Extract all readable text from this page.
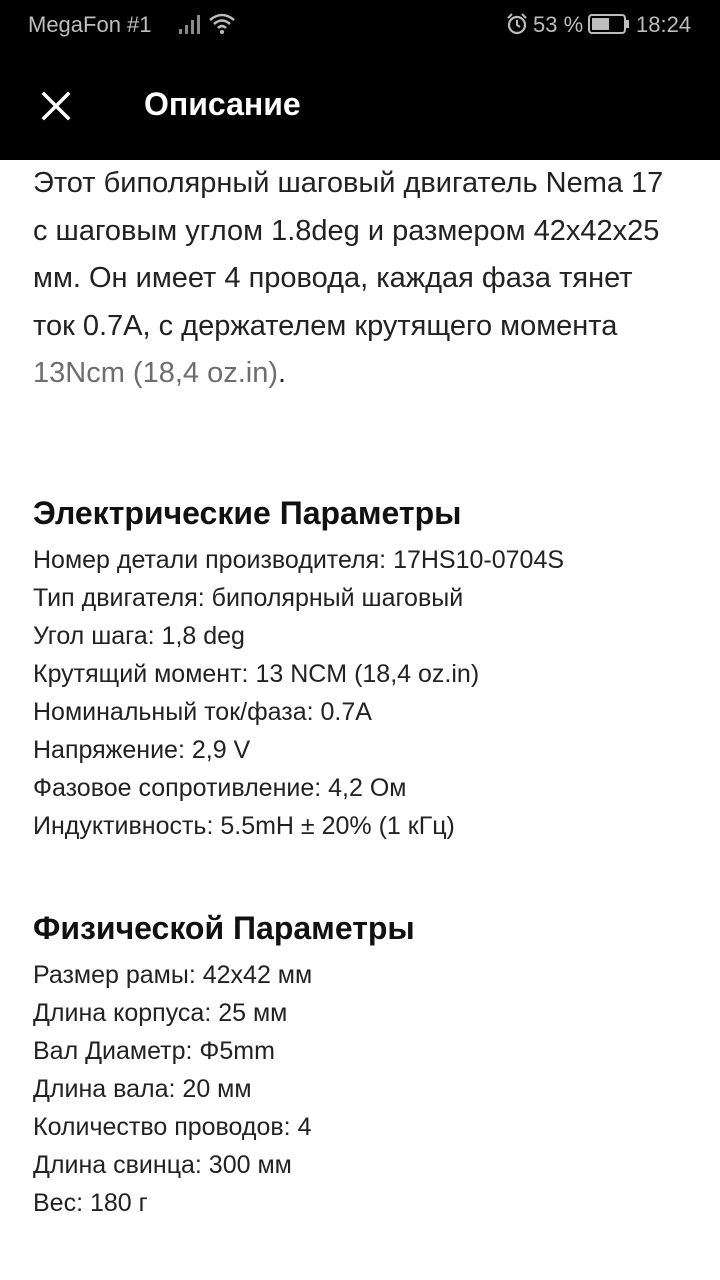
MegaFon #1	53 % 18:24
Описание

Этот биполярный шаговый двигатель Nema 17 с шаговым углом 1.8deg и размером 42x42x25 мм. Он имеет 4 провода, каждая фаза тянет ток 0.7A, с держателем крутящего момента 13Ncm (18,4 oz.in).

Электрические Параметры
Номер детали производителя: 17HS10-0704S
Тип двигателя: биполярный шаговый
Угол шага: 1,8 deg
Крутящий момент: 13 NCM (18,4 oz.in)
Номинальный ток/фаза: 0.7A
Напряжение: 2,9 V
Фазовое сопротивление: 4,2 Ом
Индуктивность: 5.5mH ± 20% (1 кГц)
Физической Параметры
Размер рамы: 42x42 мм
Длина корпуса: 25 мм
Вал Диаметр: Φ5mm
Длина вала: 20 мм
Количество проводов: 4
Длина свинца: 300 мм
Вес: 180 г
